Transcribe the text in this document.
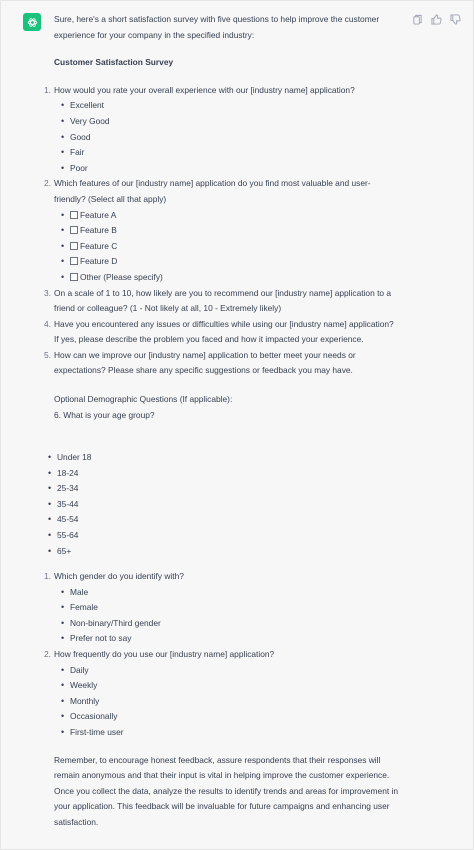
Sure, here's a short satisfaction survey with five questions to help improve the customer experience for your company in the specified industry:

Customer Satisfaction Survey
1. How would you rate your overall experience with our [industry name] application?
• Excellent
• Very Good
• Good
• Fair
• Poor
2. Which features of our [industry name] application do you find most valuable and user-friendly? (Select all that apply)
• Feature A
• Feature B
• Feature C
• Feature D
• Other (Please specify)
3. On a scale of 1 to 10, how likely are you to recommend our [industry name] application to a friend or colleague? (1 - Not likely at all, 10 - Extremely likely)
4. Have you encountered any issues or difficulties while using our [industry name] application? If yes, please describe the problem you faced and how it impacted your experience.
5. How can we improve our [industry name] application to better meet your needs or expectations? Please share any specific suggestions or feedback you may have.
Optional Demographic Questions (If applicable):
6. What is your age group?
• Under 18
• 18-24
• 25-34
• 35-44
• 45-54
• 55-64
• 65+
1. Which gender do you identify with?
• Male
• Female
• Non-binary/Third gender
• Prefer not to say
2. How frequently do you use our [industry name] application?
• Daily
• Weekly
• Monthly
• Occasionally
• First-time user

Remember, to encourage honest feedback, assure respondents that their responses will remain anonymous and that their input is vital in helping improve the customer experience. Once you collect the data, analyze the results to identify trends and areas for improvement in your application. This feedback will be invaluable for future campaigns and enhancing user satisfaction.
